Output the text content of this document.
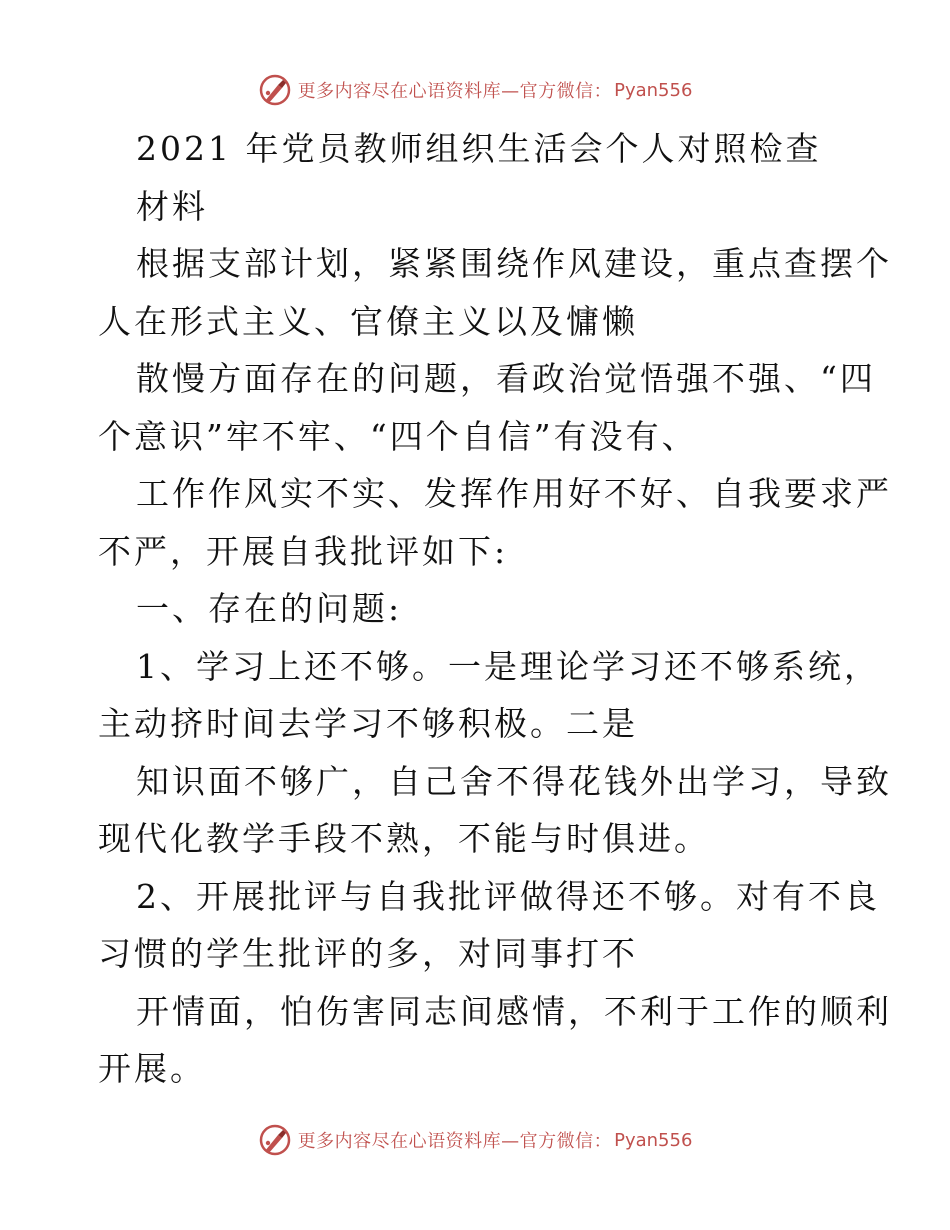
更多内容尽在心语资料库—官方微信： Pyan556
2021 年党员教师组织生活会个人对照检查
材料
根据支部计划，紧紧围绕作风建设，重点查摆个
人在形式主义、官僚主义以及慵懒
散慢方面存在的问题，看政治觉悟强不强、“四
个意识”牢不牢、“四个自信”有没有、
工作作风实不实、发挥作用好不好、自我要求严
不严，开展自我批评如下:
一、存在的问题:
1、学习上还不够。一是理论学习还不够系统，
主动挤时间去学习不够积极。二是
知识面不够广，自己舍不得花钱外出学习，导致
现代化教学手段不熟，不能与时俱进。
2、开展批评与自我批评做得还不够。对有不良
习惯的学生批评的多，对同事打不
开情面，怕伤害同志间感情，不利于工作的顺利
开展。
更多内容尽在心语资料库—官方微信： Pyan556
